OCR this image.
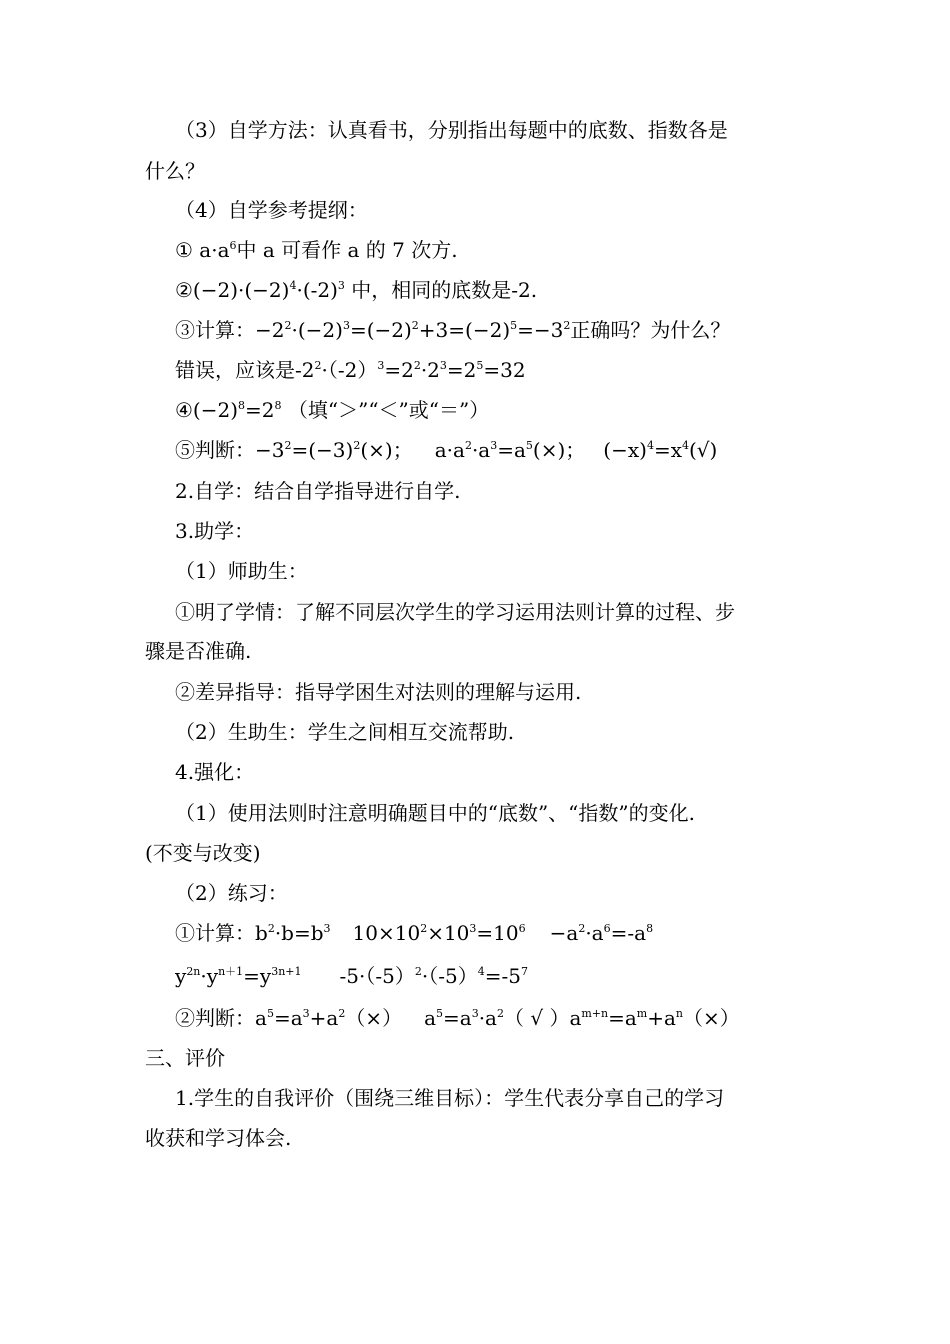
（3）自学方法：认真看书，分别指出每题中的底数、指数各是
什么？
（4）自学参考提纲：
① $a\cdot a^6$中 a 可看作 a 的 7 次方.
$②(-2)\cdot(-2)^4\cdot(-2)^3$ 中，相同的底数是-2.
③计算：$-2^2\cdot(-2)^3=(-2)^2+3=(-2)^5=-3^2$正确吗？为什么？
错误，应该是$-2^2\cdot(-2)^3=2^2\cdot 2^3=2^5=32$
$④(-2)^8=2^8$ （填“＞”“＜”或“＝”）
⑤判断：$-3^2=(-3)^2(\times)$； $a\cdot a^2\cdot a^3=a^5(\times)$； $(-x)^4=x^4(√)$
2.自学：结合自学指导进行自学.
3.助学：
（1）师助生：
①明了学情：了解不同层次学生的学习运用法则计算的过程、步
骤是否准确.
②差异指导：指导学困生对法则的理解与运用.
（2）生助生：学生之间相互交流帮助.
4.强化：
（1）使用法则时注意明确题目中的“底数”、“指数”的变化.
(不变与改变)
（2）练习：
①计算：$b^2\cdot b=b^3$ $10\times 10^2\times 10^3=10^6 -a^2\cdot a^6=-a^8$
$y^{2n}\cdot y^{n+1}=y^{3n+1}$ $-5\cdot(-5)^2\cdot(-5)^4=-5^7$
②判断：$a^5=a^3+a^2(\times)$ $a^5=a^3\cdot a^2$（ √ ）$a^{m+n}=a^m+a^n(\times)$
三、评价
1.学生的自我评价（围绕三维目标）：学生代表分享自己的学习
收获和学习体会.
